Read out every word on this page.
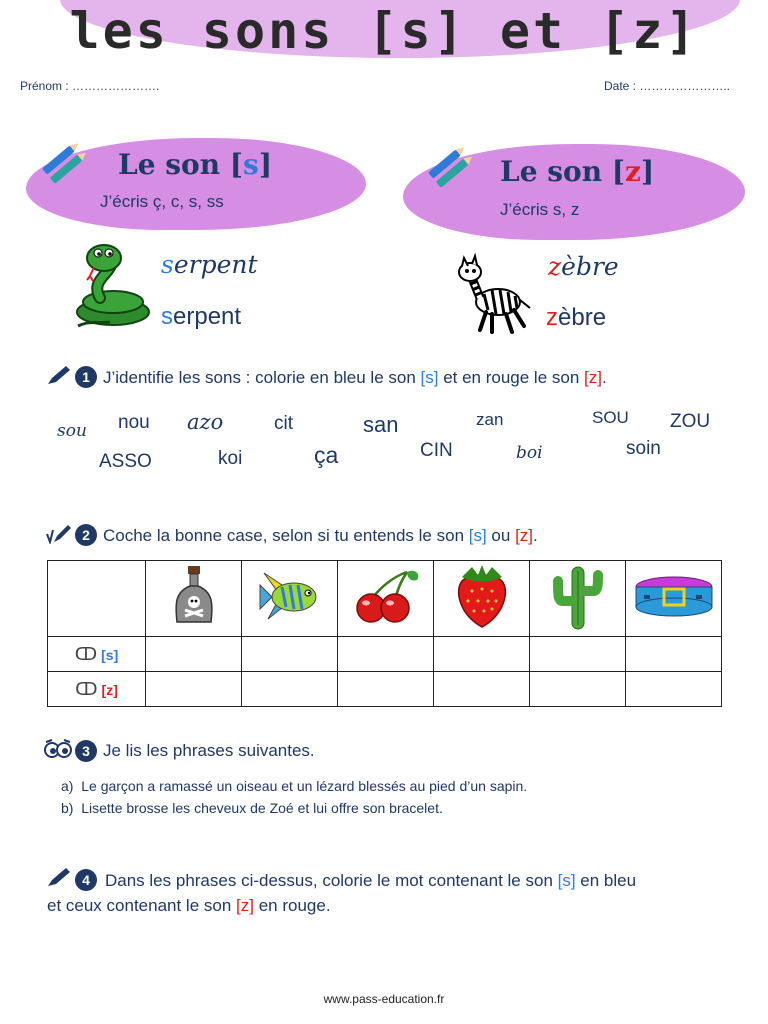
les sons [s] et [z]
Prénom : ………………….	Date : …………………..
Le son [s]
J’écris ç, c, s, ss
serpent
serpent
Le son [z]
J’écris s, z
zèbre
zèbre
1 J’identifie les sons : colorie en bleu le son [s] et en rouge le son [z].
sou nou azo	cit	san	zan	SOU ZOU
ASSO	koi	ça	CIN	boi	soin
2 Coche la bonne case, selon si tu entends le son [s] ou [z].

ↀ [s]						
ↀ [z]						
3 Je lis les phrases suivantes.
a) Le garçon a ramassé un oiseau et un lézard blessés au pied d’un sapin.
b) Lisette brosse les cheveux de Zoé et lui offre son bracelet.
4 Dans les phrases ci-dessus, colorie le mot contenant le son [s] en bleu
et ceux contenant le son [z] en rouge.
www.pass-education.fr
